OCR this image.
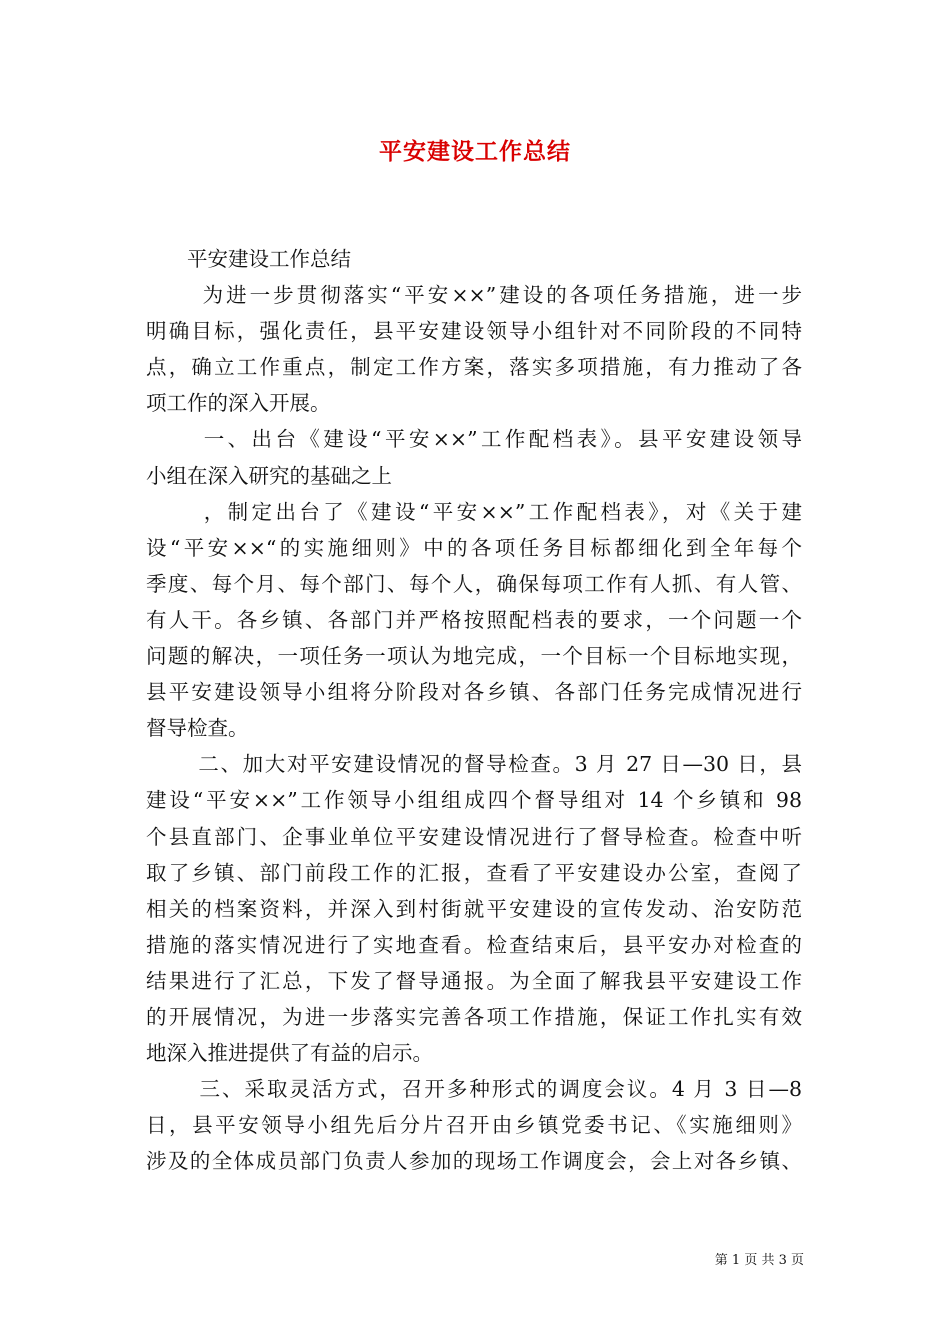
平安建设工作总结
　　平安建设工作总结
　　 为进一步贯彻落实“平安××”建设的各项任务措施，进一步
明确目标，强化责任，县平安建设领导小组针对不同阶段的不同特
点，确立工作重点，制定工作方案，落实多项措施，有力推动了各
项工作的深入开展。
　　 一、出台《建设“平安××”工作配档表》。县平安建设领导
小组在深入研究的基础之上
　　 ，制定出台了《建设“平安××”工作配档表》，对《关于建
设“平安××“的实施细则》中的各项任务目标都细化到全年每个
季度、每个月、每个部门、每个人，确保每项工作有人抓、有人管、
有人干。各乡镇、各部门并严格按照配档表的要求，一个问题一个
问题的解决，一项任务一项认为地完成，一个目标一个目标地实现，
县平安建设领导小组将分阶段对各乡镇、各部门任务完成情况进行
督导检查。
　　 二、加大对平安建设情况的督导检查。3 月 27 日—30 日，县
建设“平安××”工作领导小组组成四个督导组对 14 个乡镇和 98
个县直部门、企事业单位平安建设情况进行了督导检查。检查中听
取了乡镇、部门前段工作的汇报，查看了平安建设办公室，查阅了
相关的档案资料，并深入到村街就平安建设的宣传发动、治安防范
措施的落实情况进行了实地查看。检查结束后，县平安办对检查的
结果进行了汇总，下发了督导通报。为全面了解我县平安建设工作
的开展情况，为进一步落实完善各项工作措施，保证工作扎实有效
地深入推进提供了有益的启示。
　　 三、采取灵活方式，召开多种形式的调度会议。4 月 3 日—8
日，县平安领导小组先后分片召开由乡镇党委书记、《实施细则》
涉及的全体成员部门负责人参加的现场工作调度会，会上对各乡镇、
第 1 页 共 3 页
